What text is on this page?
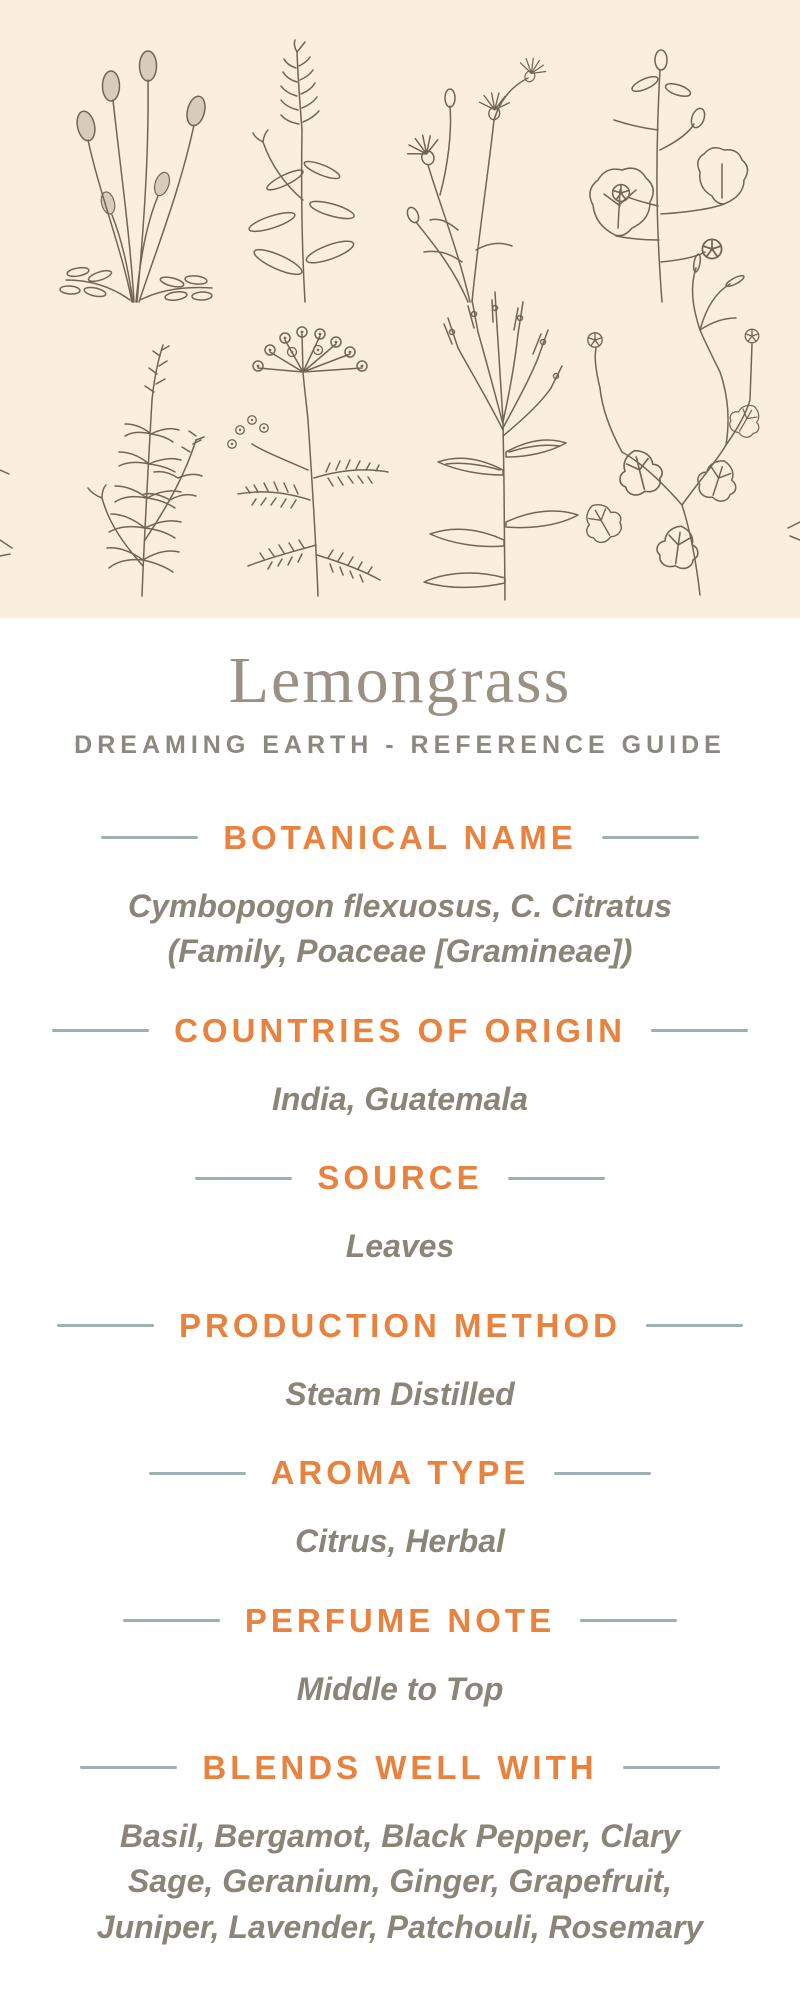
Lemongrass
DREAMING EARTH - REFERENCE GUIDE
BOTANICAL NAME

Cymbopogon flexuosus, C. Citratus (Family, Poaceae [Gramineae])

COUNTRIES OF ORIGIN

India, Guatemala

SOURCE

Leaves

PRODUCTION METHOD

Steam Distilled

AROMA TYPE

Citrus, Herbal

PERFUME NOTE

Middle to Top

BLENDS WELL WITH

Basil, Bergamot, Black Pepper, Clary Sage, Geranium, Ginger, Grapefruit, Juniper, Lavender, Patchouli, Rosemary
